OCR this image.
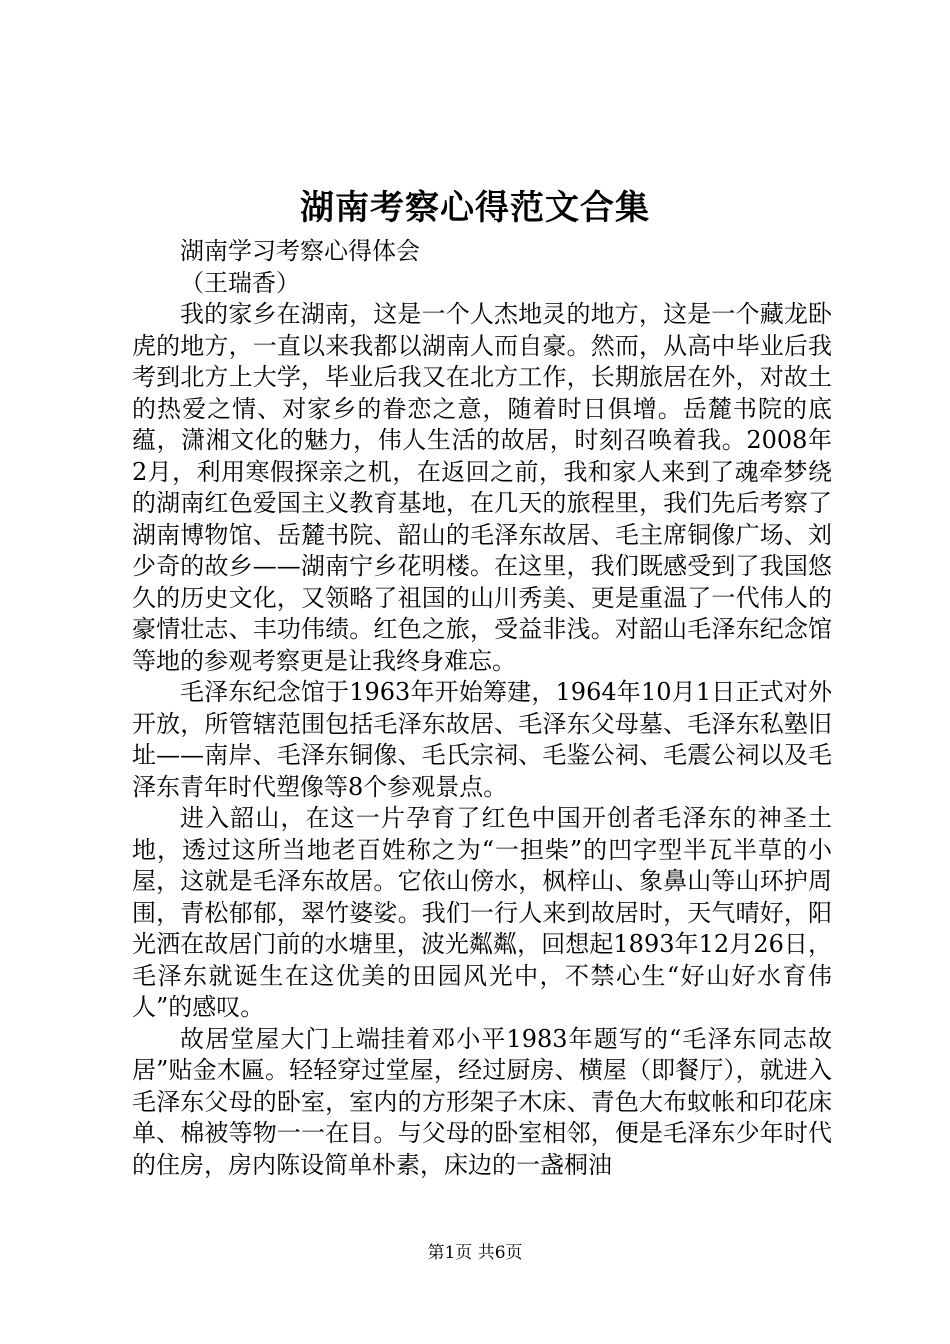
湖南考察心得范文合集

湖南学习考察心得体会

（王瑞香）

我的家乡在湖南，这是一个人杰地灵的地方，这是一个藏龙卧虎的地方，一直以来我都以湖南人而自豪。然而，从高中毕业后我考到北方上大学，毕业后我又在北方工作，长期旅居在外，对故土的热爱之情、对家乡的眷恋之意，随着时日俱增。岳麓书院的底蕴，潇湘文化的魅力，伟人生活的故居，时刻召唤着我。2008年2月，利用寒假探亲之机，在返回之前，我和家人来到了魂牵梦绕的湖南红色爱国主义教育基地，在几天的旅程里，我们先后考察了湖南博物馆、岳麓书院、韶山的毛泽东故居、毛主席铜像广场、刘少奇的故乡——湖南宁乡花明楼。在这里，我们既感受到了我国悠久的历史文化，又领略了祖国的山川秀美、更是重温了一代伟人的豪情壮志、丰功伟绩。红色之旅，受益非浅。对韶山毛泽东纪念馆等地的参观考察更是让我终身难忘。

毛泽东纪念馆于1963年开始筹建，1964年10月1日正式对外开放，所管辖范围包括毛泽东故居、毛泽东父母墓、毛泽东私塾旧址——南岸、毛泽东铜像、毛氏宗祠、毛鉴公祠、毛震公祠以及毛泽东青年时代塑像等8个参观景点。

进入韶山，在这一片孕育了红色中国开创者毛泽东的神圣土地，透过这所当地老百姓称之为“一担柴”的凹字型半瓦半草的小屋，这就是毛泽东故居。它依山傍水，枫梓山、象鼻山等山环护周围，青松郁郁，翠竹婆娑。我们一行人来到故居时，天气晴好，阳光洒在故居门前的水塘里，波光粼粼，回想起1893年12月26日，毛泽东就诞生在这优美的田园风光中，不禁心生“好山好水育伟人”的感叹。

故居堂屋大门上端挂着邓小平1983年题写的“毛泽东同志故居”贴金木匾。轻轻穿过堂屋，经过厨房、横屋（即餐厅），就进入毛泽东父母的卧室，室内的方形架子木床、青色大布蚊帐和印花床单、棉被等物一一在目。与父母的卧室相邻，便是毛泽东少年时代的住房，房内陈设简单朴素，床边的一盏桐油

第1页 共6页
